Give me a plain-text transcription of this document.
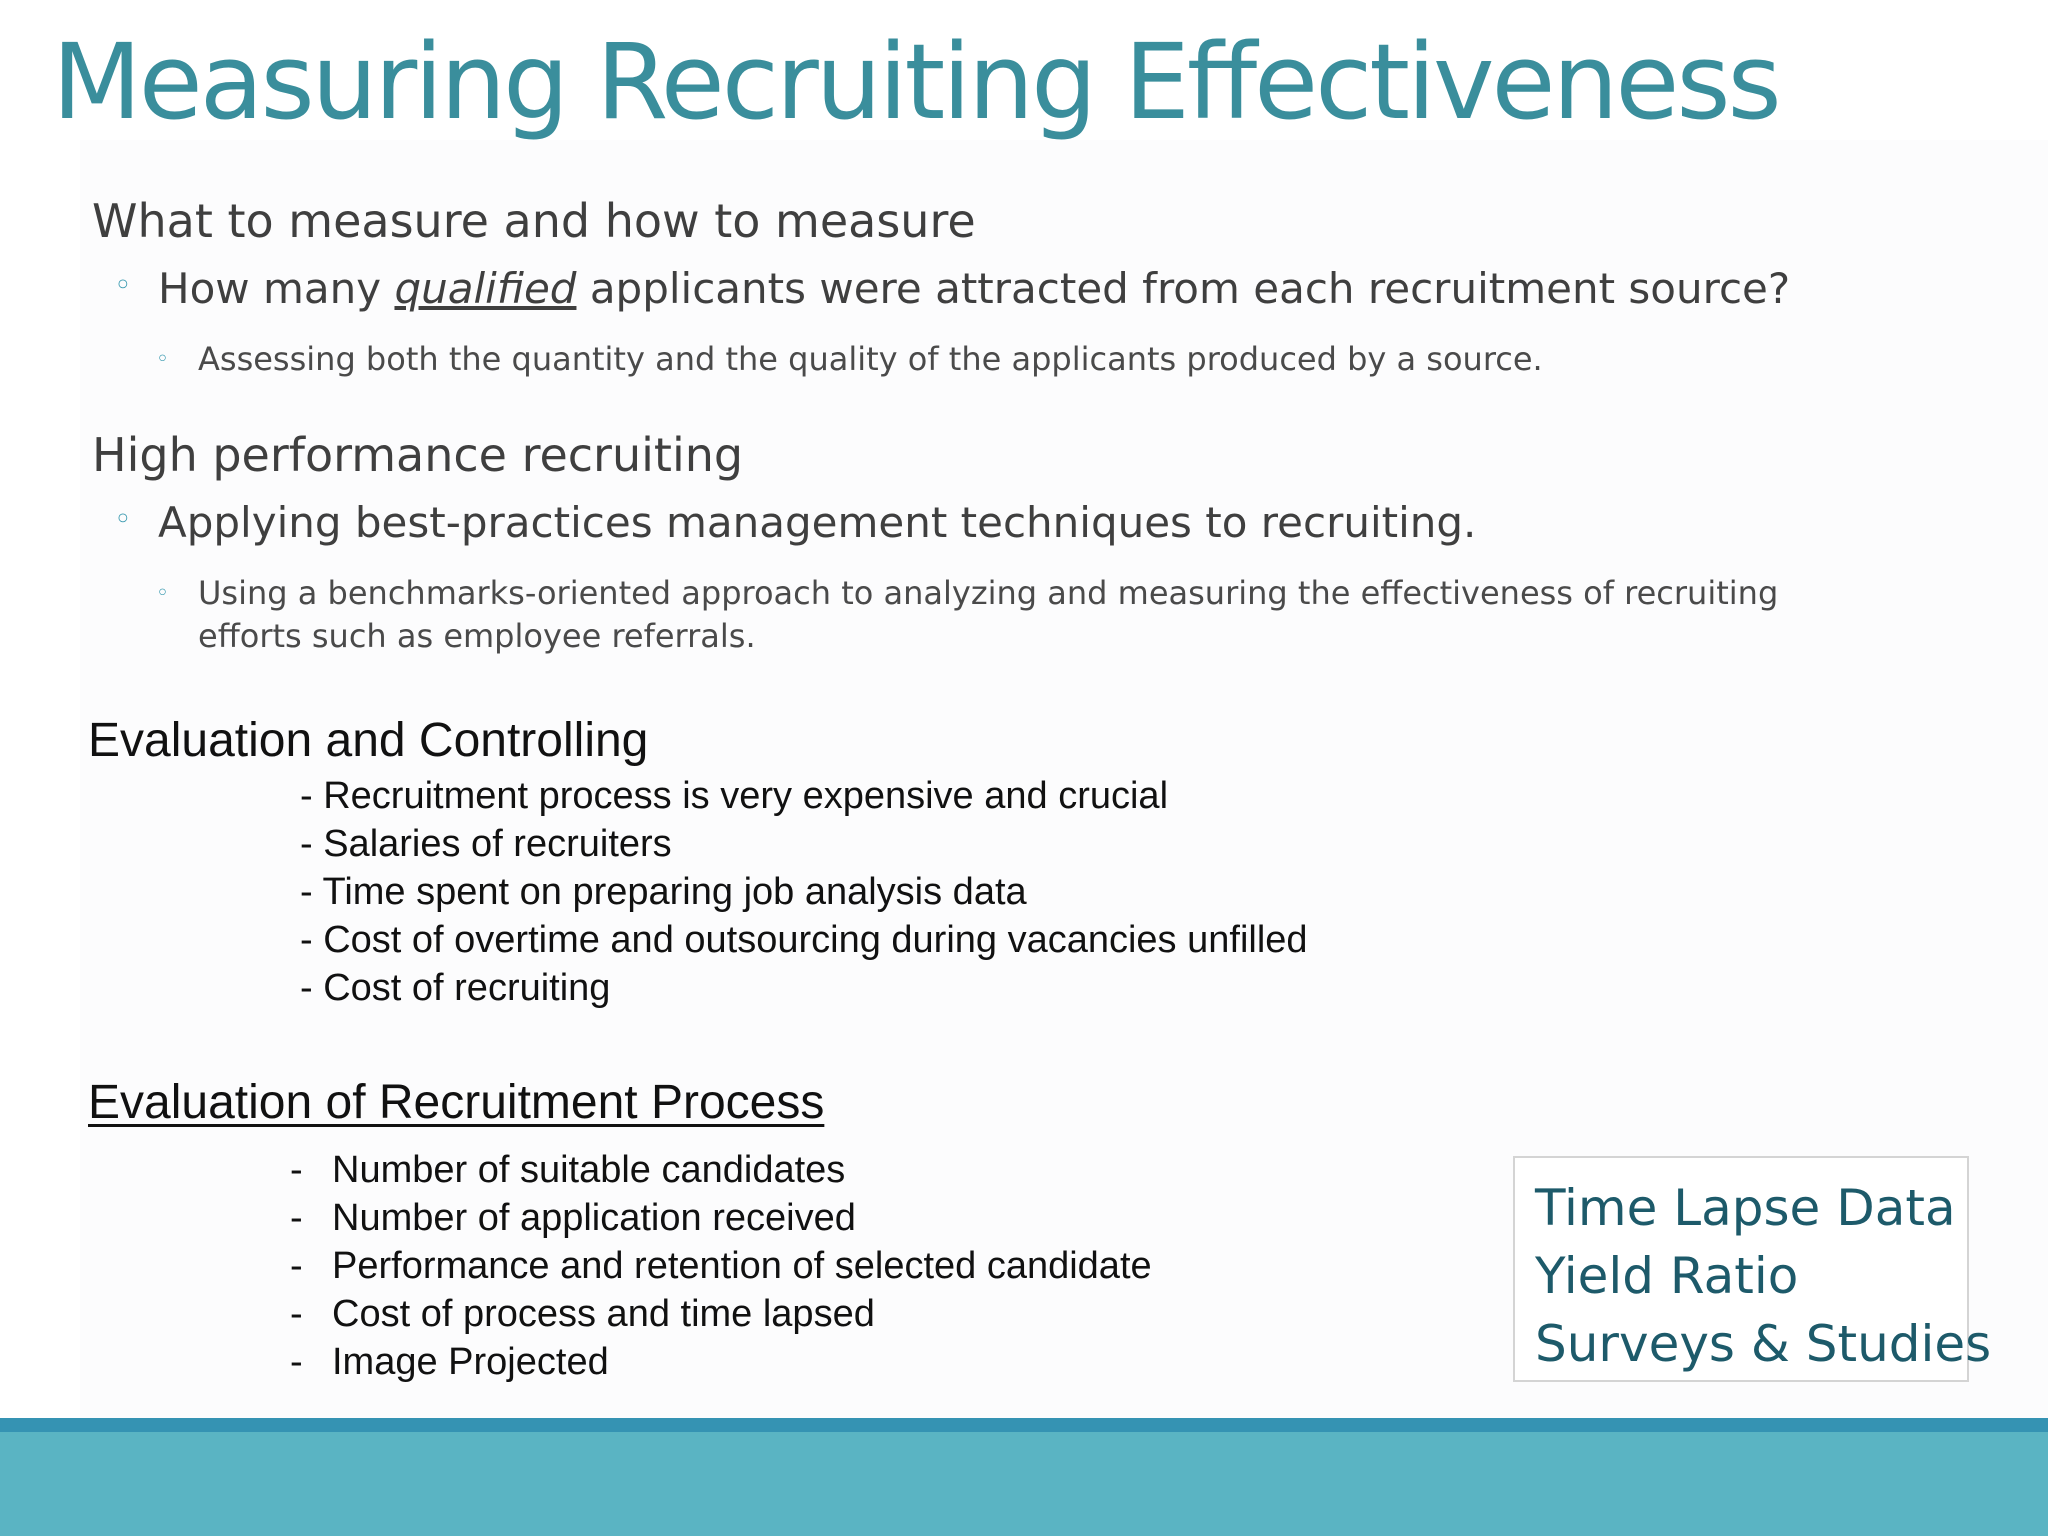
Measuring Recruiting Effectiveness
What to measure and how to measure
◦ How many qualified applicants were attracted from each recruitment source?
◦ Assessing both the quantity and the quality of the applicants produced by a source.
High performance recruiting
◦ Applying best-practices management techniques to recruiting.
◦ Using a benchmarks-oriented approach to analyzing and measuring the effectiveness of recruiting efforts such as employee referrals.
Evaluation and Controlling
- Recruitment process is very expensive and crucial
- Salaries of recruiters
- Time spent on preparing job analysis data
- Cost of overtime and outsourcing during vacancies unfilled
- Cost of recruiting
Evaluation of Recruitment Process
- Number of suitable candidates
- Number of application received
- Performance and retention of selected candidate
- Cost of process and time lapsed
- Image Projected
Time Lapse Data
Yield Ratio
Surveys & Studies
